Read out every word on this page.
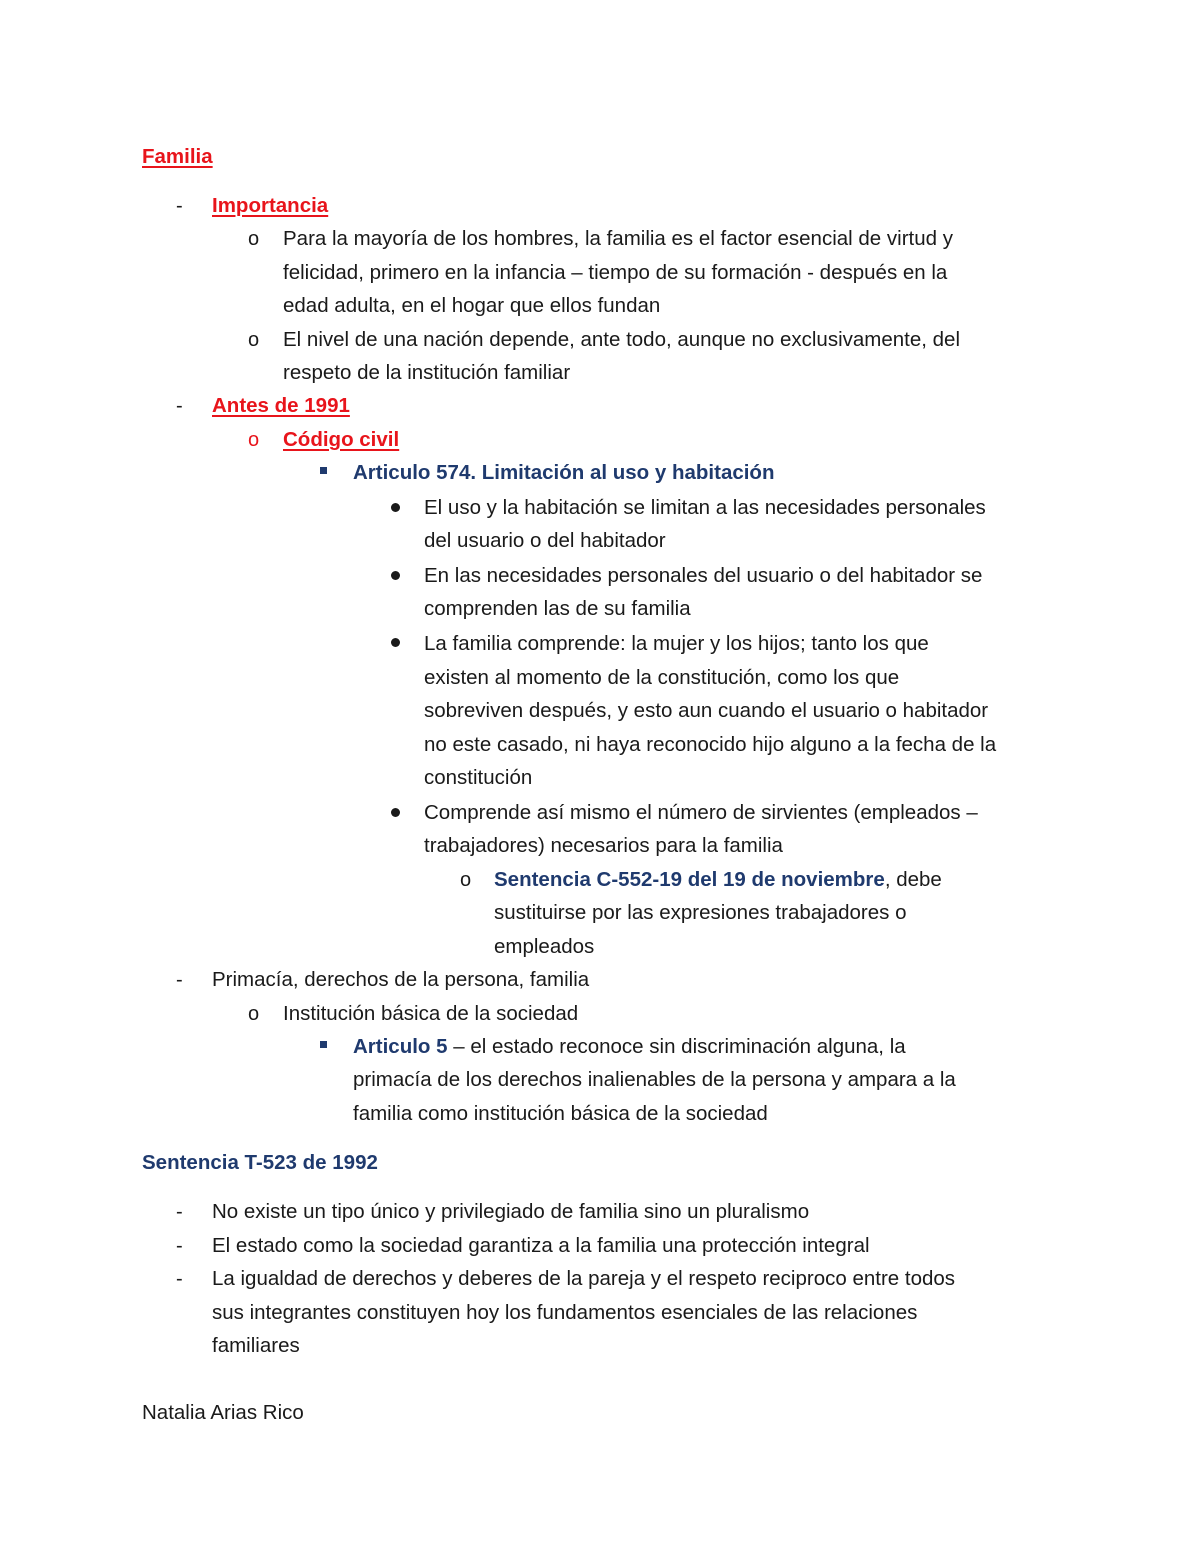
Familia
- Importancia
o Para la mayoría de los hombres, la familia es el factor esencial de virtud y
felicidad, primero en la infancia – tiempo de su formación - después en la
edad adulta, en el hogar que ellos fundan
o El nivel de una nación depende, ante todo, aunque no exclusivamente, del
respeto de la institución familiar
- Antes de 1991
o Código civil
Articulo 574. Limitación al uso y habitación
El uso y la habitación se limitan a las necesidades personales
del usuario o del habitador
En las necesidades personales del usuario o del habitador se
comprenden las de su familia
La familia comprende: la mujer y los hijos; tanto los que
existen al momento de la constitución, como los que
sobreviven después, y esto aun cuando el usuario o habitador
no este casado, ni haya reconocido hijo alguno a la fecha de la
constitución
Comprende así mismo el número de sirvientes (empleados –
trabajadores) necesarios para la familia
o Sentencia C-552-19 del 19 de noviembre, debe
sustituirse por las expresiones trabajadores o
empleados
- Primacía, derechos de la persona, familia
o Institución básica de la sociedad
Articulo 5 – el estado reconoce sin discriminación alguna, la
primacía de los derechos inalienables de la persona y ampara a la
familia como institución básica de la sociedad
Sentencia T-523 de 1992
- No existe un tipo único y privilegiado de familia sino un pluralismo
- El estado como la sociedad garantiza a la familia una protección integral
- La igualdad de derechos y deberes de la pareja y el respeto reciproco entre todos
sus integrantes constituyen hoy los fundamentos esenciales de las relaciones
familiares
Natalia Arias Rico
